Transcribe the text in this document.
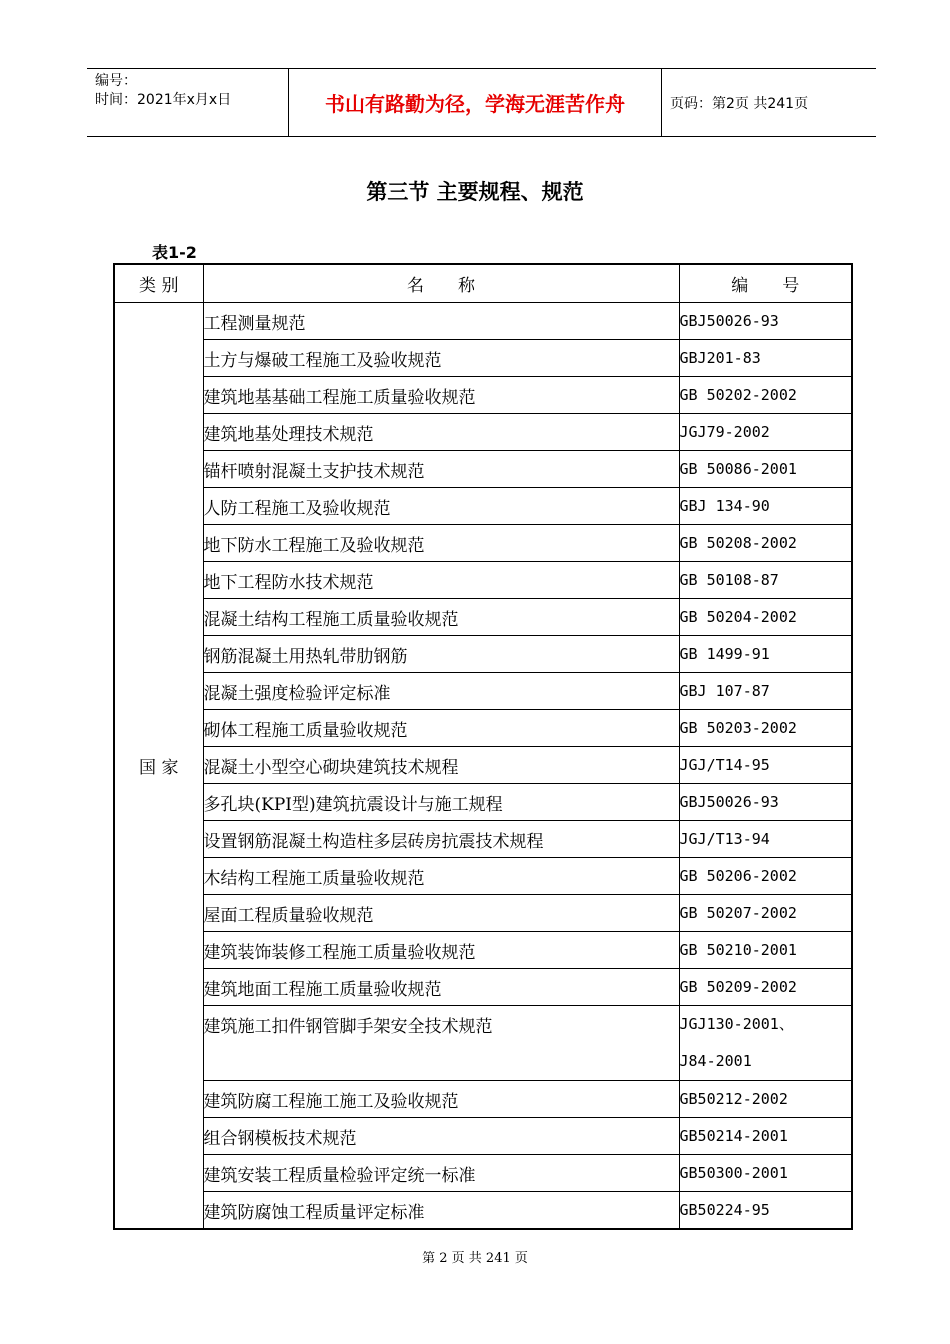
编号：
时间：2021年x月x日	书山有路勤为径，学海无涯苦作舟	页码：第2页 共241页
第三节 主要规程、规范
表1-2
类 别	名　　称	编　　号
国 家	工程测量规范	GBJ50026-93
	土方与爆破工程施工及验收规范	GBJ201-83
	建筑地基基础工程施工质量验收规范	GB 50202-2002
	建筑地基处理技术规范	JGJ79-2002
	锚杆喷射混凝土支护技术规范	GB 50086-2001
	人防工程施工及验收规范	GBJ 134-90
	地下防水工程施工及验收规范	GB 50208-2002
	地下工程防水技术规范	GB 50108-87
	混凝土结构工程施工质量验收规范	GB 50204-2002
	钢筋混凝土用热轧带肋钢筋	GB 1499-91
	混凝土强度检验评定标准	GBJ 107-87
	砌体工程施工质量验收规范	GB 50203-2002
	混凝土小型空心砌块建筑技术规程	JGJ/T14-95
	多孔块(KPⅠ型)建筑抗震设计与施工规程	GBJ50026-93
	设置钢筋混凝土构造柱多层砖房抗震技术规程	JGJ/T13-94
	木结构工程施工质量验收规范	GB 50206-2002
	屋面工程质量验收规范	GB 50207-2002
	建筑装饰装修工程施工质量验收规范	GB 50210-2001
	建筑地面工程施工质量验收规范	GB 50209-2002
	建筑施工扣件钢管脚手架安全技术规范	JGJ130-2001、
J84-2001

	建筑防腐工程施工施工及验收规范	GB50212-2002
	组合钢模板技术规范	GB50214-2001
	建筑安装工程质量检验评定统一标准	GB50300-2001
	建筑防腐蚀工程质量评定标准	GB50224-95
第 2 页 共 241 页
